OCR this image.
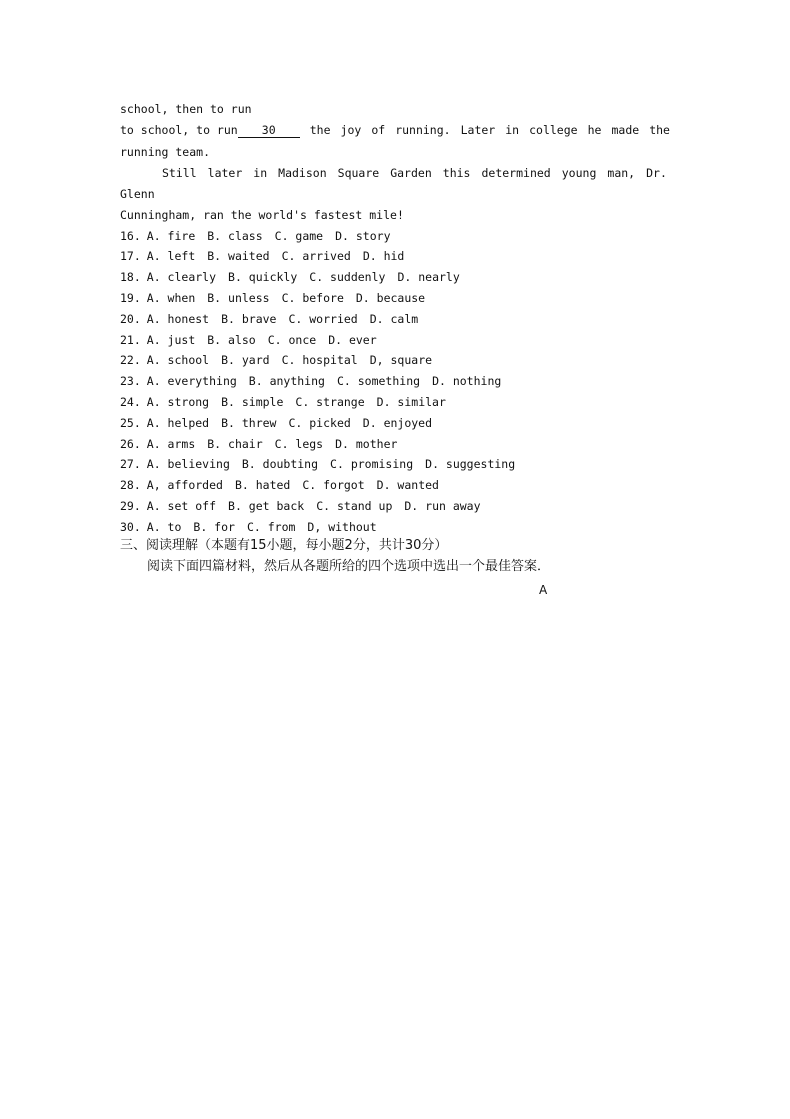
school, then to run
to school, to run 30	the joy of running. Later in college he made the
running team.
Still later in Madison Square Garden this determined young man, Dr.
Glenn
Cunningham, ran the world's fastest mile!
16. A. fire B. class C. game D. story
17. A. left B. waited C. arrived D. hid
18. A. clearly B. quickly C. suddenly D. nearly
19. A. when B. unless C. before D. because
20. A. honest B. brave C. worried D. calm
21. A. just B. also C. once D. ever
22. A. school B. yard C. hospital D, square
23. A. everything B. anything C. something D. nothing
24. A. strong B. simple C. strange D. similar
25. A. helped B. threw C. picked D. enjoyed
26. A. arms B. chair C. legs D. mother
27. A. believing B. doubting C. promising D. suggesting
28. A, afforded B. hated C. forgot D. wanted
29. A. set off B. get back C. stand up D. run away
30. A. to B. for C. from D, without
三、阅读理解（本题有15小题，每小题2分，共计30分）
阅读下面四篇材料，然后从各题所给的四个选项中选出一个最佳答案．
A
